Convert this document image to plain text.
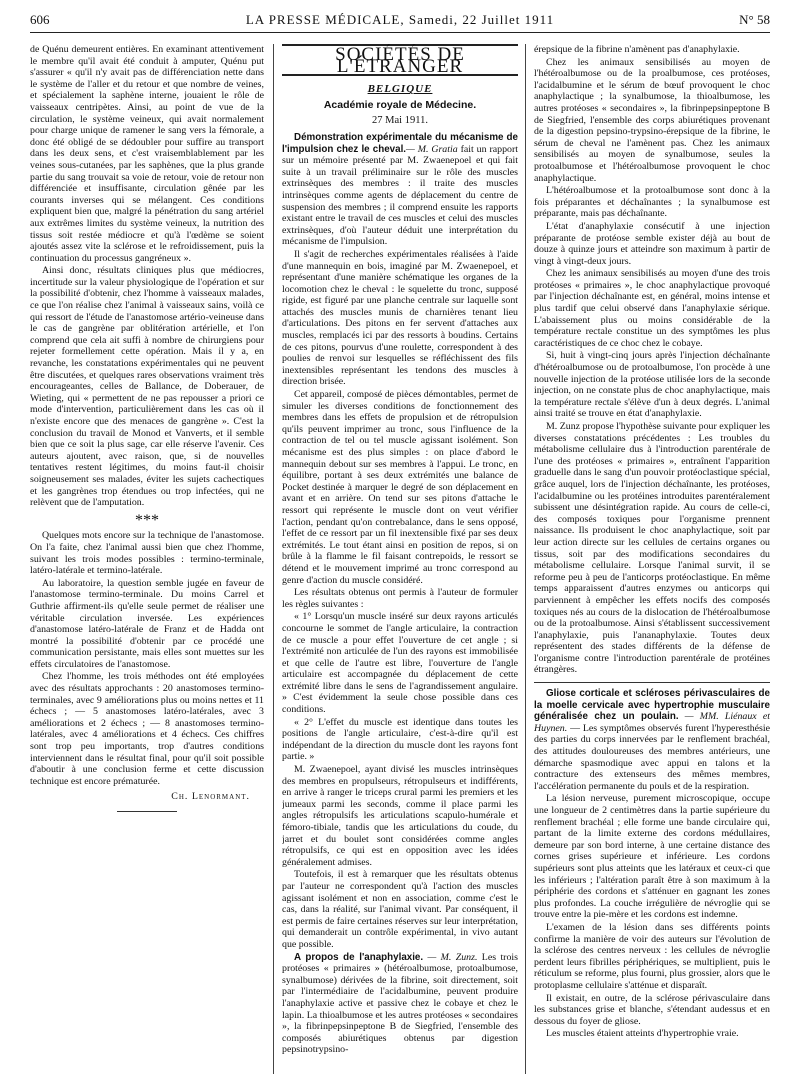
606	LA PRESSE MÉDICALE, Samedi, 22 Juillet 1911	N° 58

de Quénu demeurent entières. En examinant attentivement le membre qu'il avait été conduit à amputer, Quénu put s'assurer « qu'il n'y avait pas de différenciation nette dans le système de l'aller et du retour et que nombre de veines, et spécialement la saphène interne, jouaient le rôle de vaisseaux centripètes. Ainsi, au point de vue de la circulation, le système veineux, qui avait normalement pour charge unique de ramener le sang vers la fémorale, a donc été obligé de se dédoubler pour suffire au transport dans les deux sens, et c'est vraisemblablement par les veines sous-cutanées, par les saphènes, que la plus grande partie du sang trouvait sa voie de retour, voie de retour non différenciée et insuffisante, circulation gênée par les courants inverses qui se mélangent. Ces conditions expliquent bien que, malgré la pénétration du sang artériel aux extrêmes limites du système veineux, la nutrition des tissus soit restée médiocre et qu'à l'œdème se soient ajoutés assez vite la sclérose et le refroidissement, puis la continuation du processus gangréneux ».

Ainsi donc, résultats cliniques plus que médiocres, incertitude sur la valeur physiologique de l'opération et sur la possibilité d'obtenir, chez l'homme à vaisseaux malades, ce que l'on réalise chez l'animal à vaisseaux sains, voilà ce qui ressort de l'étude de l'anastomose artério-veineuse dans le cas de gangrène par oblitération artérielle, et l'on comprend que cela ait suffi à nombre de chirurgiens pour rejeter formellement cette opération. Mais il y a, en revanche, les constatations expérimentales qui ne peuvent être discutées, et quelques rares observations vraiment très encourageantes, celles de Ballance, de Doberauer, de Wieting, qui « permettent de ne pas repousser a priori ce mode d'intervention, particulièrement dans les cas où il n'existe encore que des menaces de gangrène ». C'est la conclusion du travail de Monod et Vanverts, et il semble bien que ce soit la plus sage, car elle réserve l'avenir. Ces auteurs ajoutent, avec raison, que, si de nouvelles tentatives restent légitimes, du moins faut-il choisir soigneusement ses malades, éviter les sujets cachectiques et les gangrènes trop étendues ou trop infectées, qui ne relèvent que de l'amputation.

***

Quelques mots encore sur la technique de l'anastomose. On l'a faite, chez l'animal aussi bien que chez l'homme, suivant les trois modes possibles : termino-terminale, latéro-latérale et termino-latérale.

Au laboratoire, la question semble jugée en faveur de l'anastomose termino-terminale. Du moins Carrel et Guthrie affirment-ils qu'elle seule permet de réaliser une véritable circulation inversée. Les expériences d'anastomose latéro-latérale de Franz et de Hadda ont montré la possibilité d'obtenir par ce procédé une communication persistante, mais elles sont muettes sur les effets circulatoires de l'anastomose.

Chez l'homme, les trois méthodes ont été employées avec des résultats approchants : 20 anastomoses termino-terminales, avec 9 améliorations plus ou moins nettes et 11 échecs ; — 5 anastomoses latéro-latérales, avec 3 améliorations et 2 échecs ; — 8 anastomoses termino-latérales, avec 4 améliorations et 4 échecs. Ces chiffres sont trop peu importants, trop d'autres conditions interviennent dans le résultat final, pour qu'il soit possible d'aboutir à une conclusion ferme et cette discussion technique est encore prématurée.

Ch. Lenormant.
SOCIÉTÉS DE L'ÉTRANGER
BELGIQUE
Académie royale de Médecine.
27 Mai 1911.

Démonstration expérimentale du mécanisme de l'impulsion chez le cheval.— M. Gratia fait un rapport sur un mémoire présenté par M. Zwaenepoel et qui fait suite à un travail préliminaire sur le rôle des muscles extrinsèques des membres : il traite des muscles intrinsèques comme agents de déplacement du centre de suspension des membres ; il comprend ensuite les rapports existant entre le travail de ces muscles et celui des muscles extrinsèques, d'où l'auteur déduit une interprétation du mécanisme de l'impulsion.

Il s'agit de recherches expérimentales réalisées à l'aide d'une mannequin en bois, imaginé par M. Zwaenepoel, et représentant d'une manière schématique les organes de la locomotion chez le cheval : le squelette du tronc, supposé rigide, est figuré par une planche centrale sur laquelle sont attachés des muscles munis de charnières tenant lieu d'articulations. Des pitons en fer servent d'attaches aux muscles, remplacés ici par des ressorts à boudins. Certains de ces pitons, pourvus d'une roulette, correspondent à des poulies de renvoi sur lesquelles se réfléchissent des fils inextensibles représentant les tendons des muscles à direction brisée.

Cet appareil, composé de pièces démontables, permet de simuler les diverses conditions de fonctionnement des membres dans les effets de propulsion et de rétropulsion qu'ils peuvent imprimer au tronc, sous l'influence de la contraction de tel ou tel muscle agissant isolément. Son mécanisme est des plus simples : on place d'abord le mannequin debout sur ses membres à l'appui. Le tronc, en équilibre, portant à ses deux extrémités une balance de Pocket destinée à marquer le degré de son déplacement en avant et en arrière. On tend sur ses pitons d'attache le ressort qui représente le muscle dont on veut vérifier l'action, pendant qu'on contrebalance, dans le sens opposé, l'effet de ce ressort par un fil inextensible fixé par ses deux extrémités. Le tout étant ainsi en position de repos, si on brûle à la flamme le fil faisant contrepoids, le ressort se détend et le mouvement imprimé au tronc correspond au genre d'action du muscle considéré.

Les résultats obtenus ont permis à l'auteur de formuler les règles suivantes :

« 1° Lorsqu'un muscle inséré sur deux rayons articulés concourne le sommet de l'angle articulaire, la contraction de ce muscle a pour effet l'ouverture de cet angle ; si l'extrémité non articulée de l'un des rayons est immobilisée et que celle de l'autre est libre, l'ouverture de l'angle articulaire est accompagnée du déplacement de cette extrémité libre dans le sens de l'agrandissement angulaire. » C'est évidemment la seule chose possible dans ces conditions.

« 2° L'effet du muscle est identique dans toutes les positions de l'angle articulaire, c'est-à-dire qu'il est indépendant de la direction du muscle dont les rayons font partie. »

M. Zwaenepoel, ayant divisé les muscles intrinsèques des membres en propulseurs, rétropulseurs et indifférents, en arrive à ranger le triceps crural parmi les premiers et les jumeaux parmi les seconds, comme il place parmi les angles rétropulsifs les articulations scapulo-humérale et fémoro-tibiale, tandis que les articulations du coude, du jarret et du boulet sont considérées comme angles rétropulsifs, ce qui est en opposition avec les idées généralement admises.

Toutefois, il est à remarquer que les résultats obtenus par l'auteur ne correspondent qu'à l'action des muscles agissant isolément et non en association, comme c'est le cas, dans la réalité, sur l'animal vivant. Par conséquent, il est permis de faire certaines réserves sur leur interprétation, qui demanderait un contrôle expérimental, in vivo autant que possible.

A propos de l'anaphylaxie. — M. Zunz. Les trois protéoses « primaires » (hétéroalbumose, protoalbumose, synalbumose) dérivées de la fibrine, soit directement, soit par l'intermédiaire de l'acidalbumine, peuvent produire l'anaphylaxie active et passive chez le cobaye et chez le lapin. La thioalbumose et les autres protéoses « secondaires », la fibrinpepsinpeptone B de Siegfried, l'ensemble des composés abiurétiques obtenus par digestion pepsinotrypsino-

érepsique de la fibrine n'amènent pas d'anaphylaxie.

Chez les animaux sensibilisés au moyen de l'hétéroalbumose ou de la proalbumose, ces protéoses, l'acidalbumine et le sérum de bœuf provoquent le choc anaphylactique ; la synalbumose, la thioalbumose, les autres protéoses « secondaires », la fibrinpepsinpeptone B de Siegfried, l'ensemble des corps abiurétiques provenant de la digestion pepsino-trypsino-érepsique de la fibrine, le sérum de cheval ne l'amènent pas. Chez les animaux sensibilisés au moyen de synalbumose, seules la protoalbumose et l'hétéroalbumose provoquent le choc anaphylactique.

L'hétéroalbumose et la protoalbumose sont donc à la fois préparantes et déchaînantes ; la synalbumose est préparante, mais pas déchaînante.

L'état d'anaphylaxie consécutif à une injection préparante de protéose semble exister déjà au bout de douze à quinze jours et atteindre son maximum à partir de vingt à vingt-deux jours.

Chez les animaux sensibilisés au moyen d'une des trois protéoses « primaires », le choc anaphylactique provoqué par l'injection déchaînante est, en général, moins intense et plus tardif que celui observé dans l'anaphylaxie sérique. L'abaissement plus ou moins considérable de la température rectale constitue un des symptômes les plus caractéristiques de ce choc chez le cobaye.

Si, huit à vingt-cinq jours après l'injection déchaînante d'hétéroalbumose ou de protoalbumose, l'on procède à une nouvelle injection de la protéose utilisée lors de la seconde injection, on ne constate plus de choc anaphylactique, mais la température rectale s'élève d'un à deux degrés. L'animal ainsi traité se trouve en état d'anaphylaxie.

M. Zunz propose l'hypothèse suivante pour expliquer les diverses constatations précédentes : Les troubles du métabolisme cellulaire dus à l'introduction parentérale de l'une des protéoses « primaires », entraînent l'apparition graduelle dans le sang d'un pouvoir protéoclastique spécial, grâce auquel, lors de l'injection déchaînante, les protéoses, l'acidalbumine ou les protéines introduites parentéralement subissent une désintégration rapide. Au cours de celle-ci, des composés toxiques pour l'organisme prennent naissance. Ils produisent le choc anaphylactique, soit par leur action directe sur les cellules de certains organes ou tissus, soit par des modifications secondaires du métabolisme cellulaire. Lorsque l'animal survit, il se reforme peu à peu de l'anticorps protéoclastique. En même temps apparaissent d'autres enzymes ou anticorps qui parviennent à empêcher les effets nocifs des composés toxiques nés au cours de la dislocation de l'hétéroalbumose ou de la protoalbumose. Ainsi s'établissent successivement l'anaphylaxie, puis l'ananaphylaxie. Toutes deux représentent des stades différents de la défense de l'organisme contre l'introduction parentérale de protéines étrangères.

Gliose corticale et scléroses périvasculaires de la moelle cervicale avec hypertrophie musculaire généralisée chez un poulain. — MM. Liénaux et Huynen. — Les symptômes observés furent l'hyperesthésie des parties du corps innervées par le renflement brachéal, des attitudes douloureuses des membres antérieurs, une démarche spasmodique avec appui en talons et la contracture des extenseurs des mêmes membres, l'accélération permanente du pouls et de la respiration.

La lésion nerveuse, purement microscopique, occupe une longueur de 2 centimètres dans la partie supérieure du renflement brachéal ; elle forme une bande circulaire qui, partant de la limite externe des cordons médullaires, demeure par son bord interne, à une certaine distance des cornes grises supérieure et inférieure. Les cordons supérieurs sont plus atteints que les latéraux et ceux-ci que les inférieurs ; l'altération paraît être à son maximum à la périphérie des cordons et s'atténuer en gagnant les zones plus profondes. La couche irrégulière de névroglie qui se trouve entre la pie-mère et les cordons est indemne.

L'examen de la lésion dans ses différents points confirme la manière de voir des auteurs sur l'évolution de la sclérose des centres nerveux : les cellules de névroglie perdent leurs fibrilles périphériques, se multiplient, puis le réticulum se reforme, plus fourni, plus grossier, alors que le protoplasme cellulaire s'atténue et disparaît.

Il existait, en outre, de la sclérose périvasculaire dans les substances grise et blanche, s'étendant audessus et en dessous du foyer de gliose.

Les muscles étaient atteints d'hypertrophie vraie.
